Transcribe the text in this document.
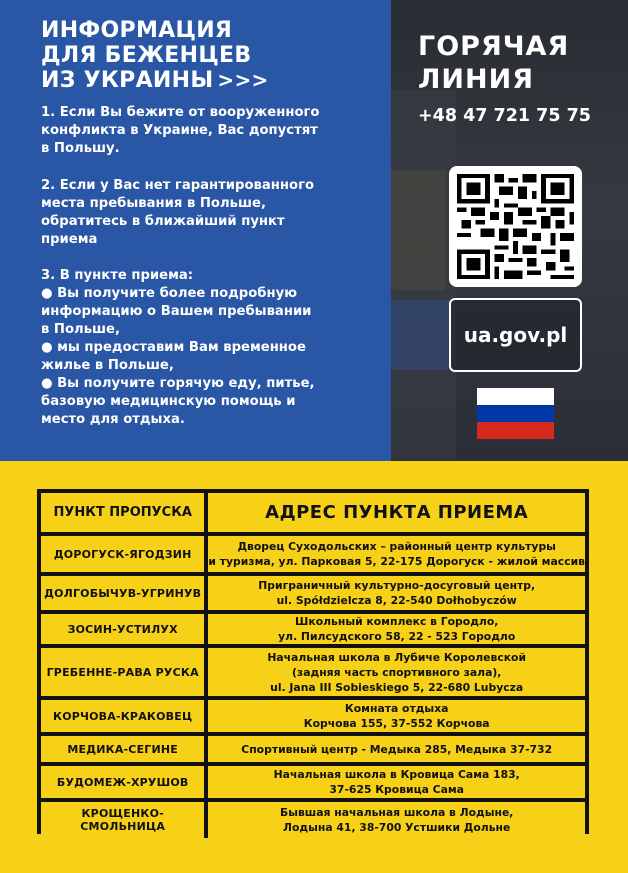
ИНФОРМАЦИЯ
ДЛЯ БЕЖЕНЦЕВ
ИЗ УКРАИНЫ >>>
1. Если Вы бежите от вооруженного
конфликта в Украине, Вас допустят
в Польшу.
2. Если у Вас нет гарантированного
места пребывания в Польше,
обратитесь в ближайший пункт
приема
3. В пункте приема:
● Вы получите более подробную
информацию о Вашем пребывании
в Польше,
● мы предоставим Вам временное
жилье в Польше,
● Вы получите горячую еду, питье,
базовую медицинскую помощь и
место для отдыха.
ГОРЯЧАЯ
ЛИНИЯ
+48 47 721 75 75
ua.gov.pl
ПУНКТ ПРОПУСКА	АДРЕС ПУНКТА ПРИЕМА
ДОРОГУСК-ЯГОДЗИН	Дворец Суходольских – районный центр культуры
и туризма, ул. Парковая 5, 22-175 Дорогуск - жилой массив

ДОЛГОБЫЧУВ-УГРИНУВ	Приграничный культурно-досуговый центр,
ul. Spółdzielcza 8, 22-540 Dołhobyczów

ЗОСИН-УСТИЛУХ	Школьный комплекс в Городло,
ул. Пилсудского 58, 22 - 523 Городло

ГРЕБЕННЕ-РАВА РУСКА	Начальная школа в Лубиче Королевской
(задняя часть спортивного зала),
ul. Jana III Sobieskiego 5, 22-680 Lubycza

КОРЧОВА-КРАКОВЕЦ	Комната отдыха
Корчова 155, 37-552 Корчова

МЕДИКА-СЕГИНЕ	Спортивный центр - Медыка 285, Медыка 37-732

БУДОМЕЖ-ХРУШОВ	Начальная школа в Кровица Сама 183,
37-625 Кровица Сама

КРОЩЕНКО-СМОЛЬНИЦА	Бывшая начальная школа в Лодыне,
Лодына 41, 38-700 Устшики Дольне
